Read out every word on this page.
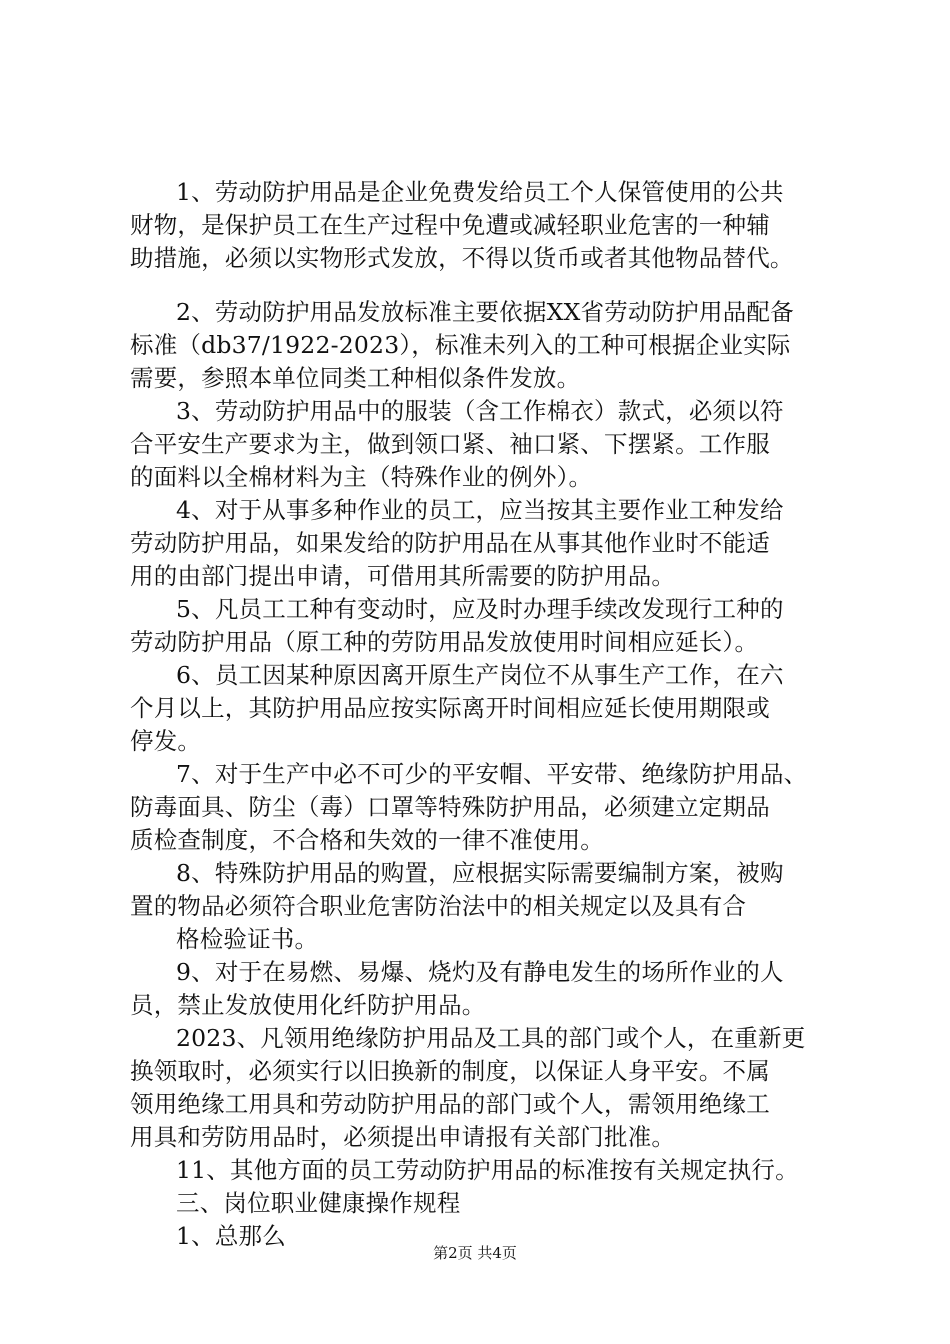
1、劳动防护用品是企业免费发给员工个人保管使用的公共
财物，是保护员工在生产过程中免遭或减轻职业危害的一种辅
助措施，必须以实物形式发放，不得以货币或者其他物品替代。
2、劳动防护用品发放标准主要依据XX省劳动防护用品配备
标准（db37/1922-2023），标准未列入的工种可根据企业实际
需要，参照本单位同类工种相似条件发放。
3、劳动防护用品中的服装（含工作棉衣）款式，必须以符
合平安生产要求为主，做到领口紧、袖口紧、下摆紧。工作服
的面料以全棉材料为主（特殊作业的例外）。
4、对于从事多种作业的员工，应当按其主要作业工种发给
劳动防护用品，如果发给的防护用品在从事其他作业时不能适
用的由部门提出申请，可借用其所需要的防护用品。
5、凡员工工种有变动时，应及时办理手续改发现行工种的
劳动防护用品（原工种的劳防用品发放使用时间相应延长）。
6、员工因某种原因离开原生产岗位不从事生产工作，在六
个月以上，其防护用品应按实际离开时间相应延长使用期限或
停发。
7、对于生产中必不可少的平安帽、平安带、绝缘防护用品、
防毒面具、防尘（毒）口罩等特殊防护用品，必须建立定期品
质检查制度，不合格和失效的一律不准使用。
8、特殊防护用品的购置，应根据实际需要编制方案，被购
置的物品必须符合职业危害防治法中的相关规定以及具有合
格检验证书。
9、对于在易燃、易爆、烧灼及有静电发生的场所作业的人
员，禁止发放使用化纤防护用品。
2023、凡领用绝缘防护用品及工具的部门或个人，在重新更
换领取时，必须实行以旧换新的制度，以保证人身平安。不属
领用绝缘工用具和劳动防护用品的部门或个人，需领用绝缘工
用具和劳防用品时，必须提出申请报有关部门批准。
11、其他方面的员工劳动防护用品的标准按有关规定执行。
三、岗位职业健康操作规程
1、总那么
第2页 共4页
